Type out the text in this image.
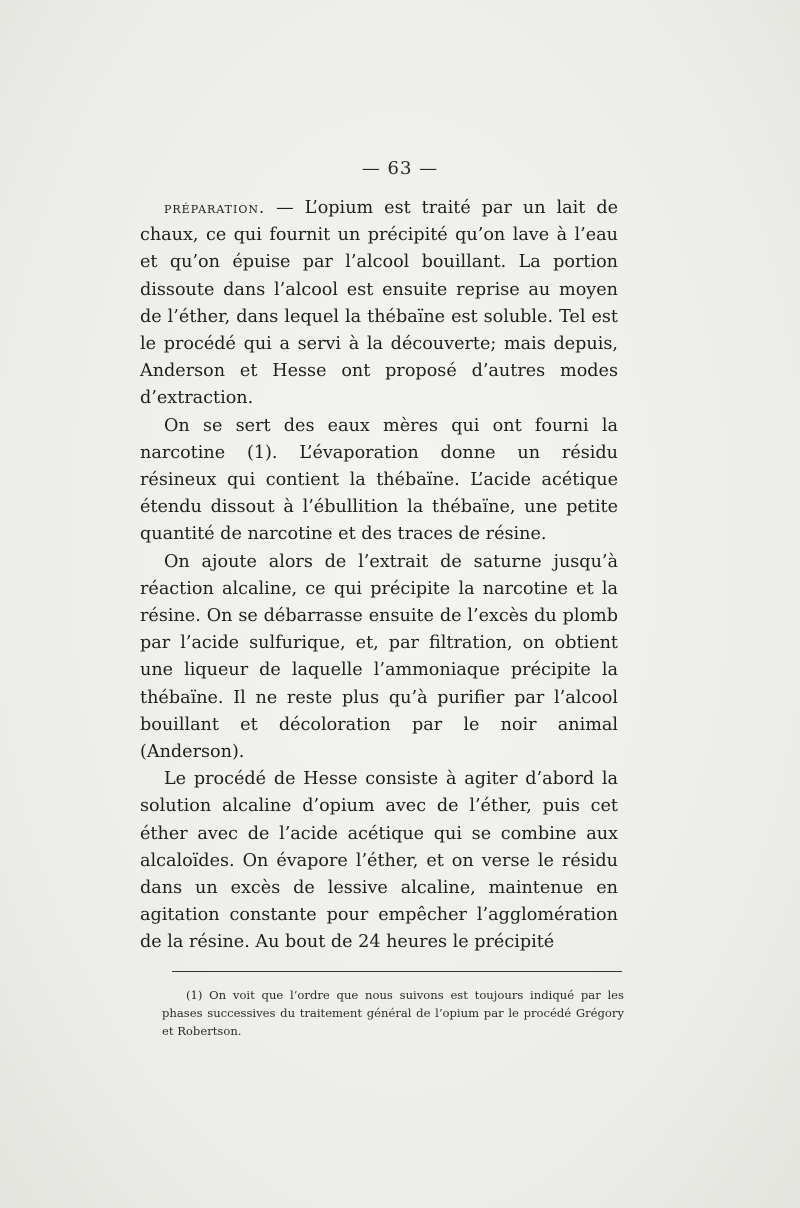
— 63 —

préparation. — L’opium est traité par un lait de chaux, ce qui fournit un précipité qu’on lave à l’eau et qu’on épuise par l’alcool bouillant. La portion dissoute dans l’alcool est ensuite reprise au moyen de l’éther, dans lequel la thébaïne est soluble. Tel est le procédé qui a servi à la découverte; mais depuis, Anderson et Hesse ont proposé d’autres modes d’extraction.

On se sert des eaux mères qui ont fourni la narcotine (1). L’évaporation donne un résidu résineux qui contient la thébaïne. L’acide acétique étendu dissout à l’ébullition la thébaïne, une petite quantité de narcotine et des traces de résine.

On ajoute alors de l’extrait de saturne jusqu’à réaction alcaline, ce qui précipite la narcotine et la résine. On se débarrasse ensuite de l’excès du plomb par l’acide sulfurique, et, par filtration, on obtient une liqueur de laquelle l’ammoniaque précipite la thébaïne. Il ne reste plus qu’à purifier par l’alcool bouillant et décoloration par le noir animal (Anderson).

Le procédé de Hesse consiste à agiter d’abord la solution alcaline d’opium avec de l’éther, puis cet éther avec de l’acide acétique qui se combine aux alcaloïdes. On évapore l’éther, et on verse le résidu dans un excès de lessive alcaline, maintenue en agitation constante pour empêcher l’agglomération de la résine. Au bout de 24 heures le précipité

(1) On voit que l’ordre que nous suivons est toujours indiqué par les phases successives du traitement général de l’opium par le procédé Grégory et Robertson.
